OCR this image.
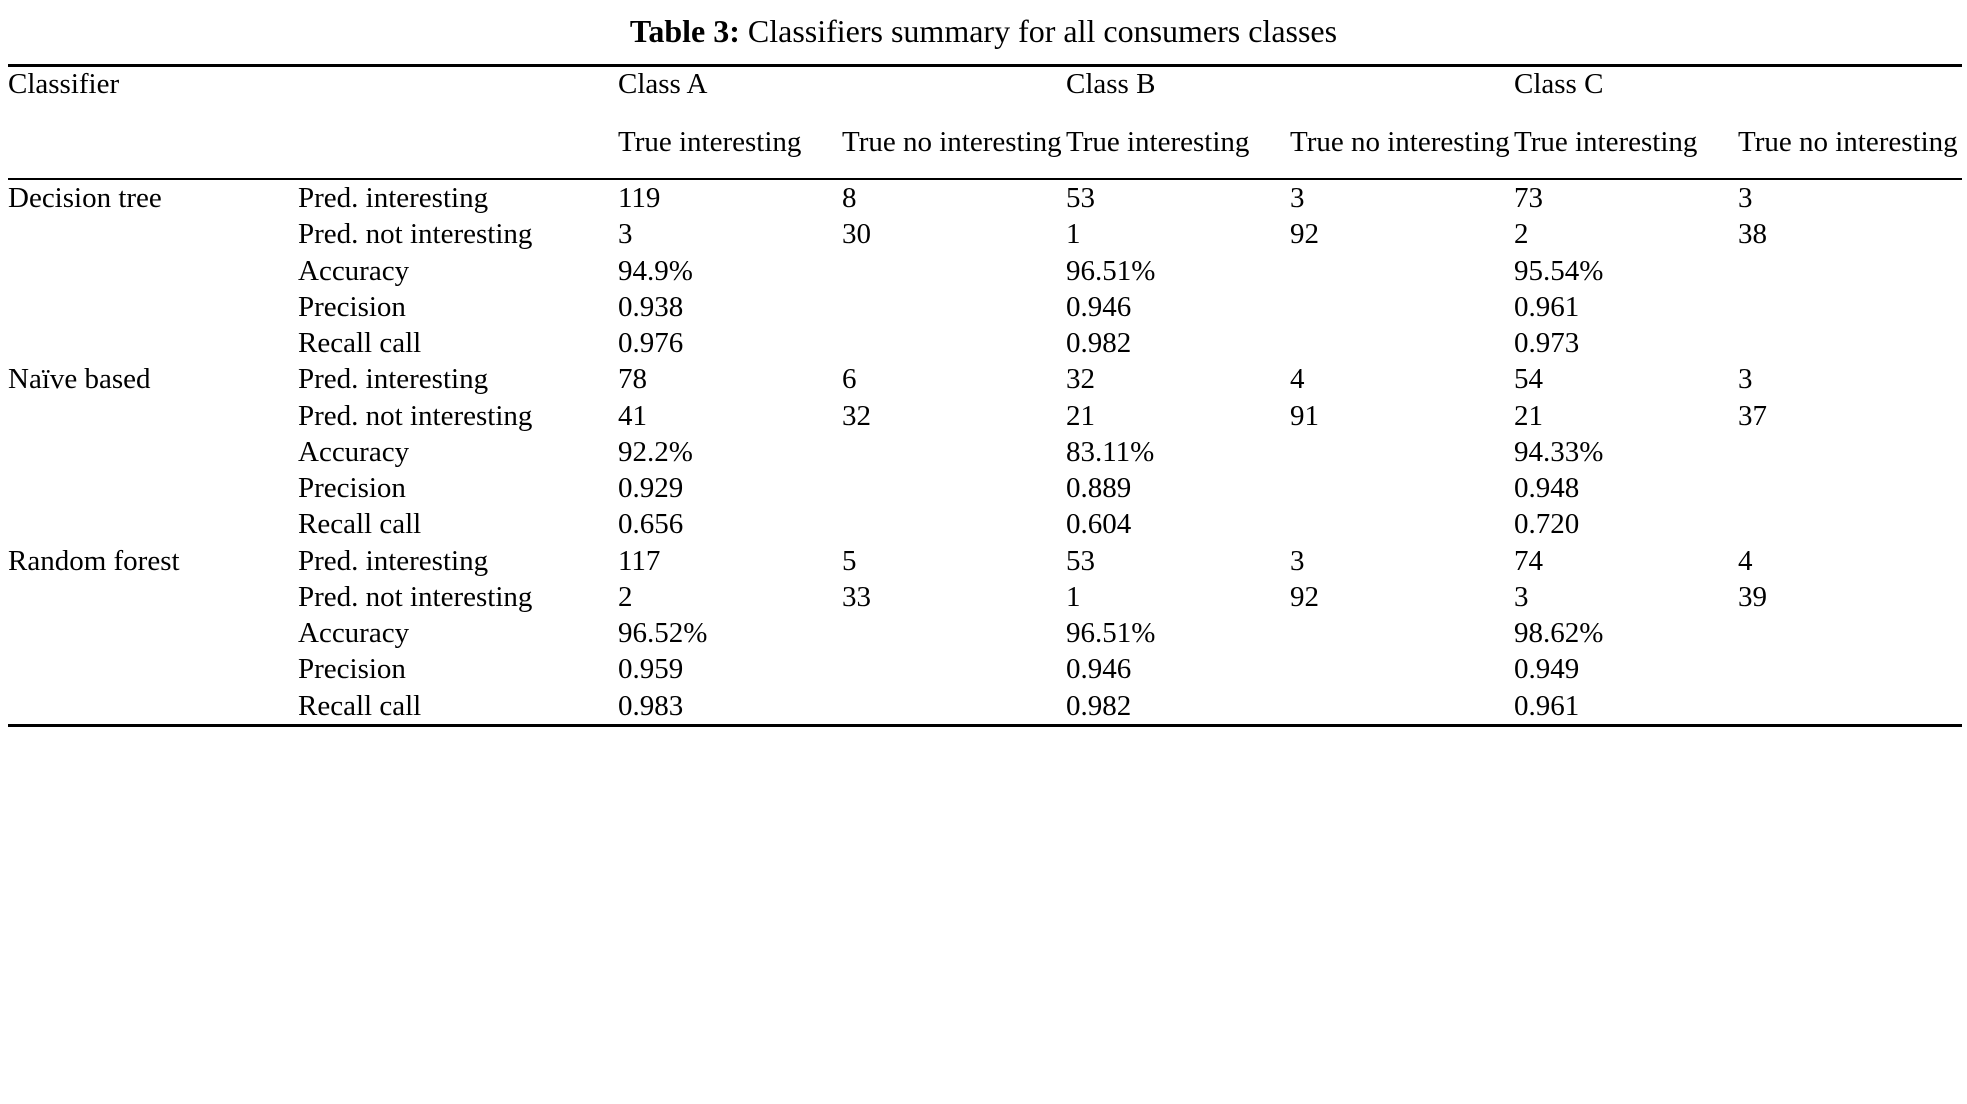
Table 3: Classifiers summary for all consumers classes

Classifier		Class A		Class B		Class C	
		True interesting	True no interesting	True interesting	True no interesting	True interesting	True no interesting

Decision tree	Pred. interesting	119	8	53	3	73	3
	Pred. not interesting	3	30	1	92	2	38
	Accuracy	94.9%		96.51%		95.54%	
	Precision	0.938		0.946		0.961	
	Recall call	0.976		0.982		0.973	
Naïve based	Pred. interesting	78	6	32	4	54	3
	Pred. not interesting	41	32	21	91	21	37
	Accuracy	92.2%		83.11%		94.33%	
	Precision	0.929		0.889		0.948	
	Recall call	0.656		0.604		0.720	
Random forest	Pred. interesting	117	5	53	3	74	4
	Pred. not interesting	2	33	1	92	3	39
	Accuracy	96.52%		96.51%		98.62%	
	Precision	0.959		0.946		0.949	
	Recall call	0.983		0.982		0.961	
